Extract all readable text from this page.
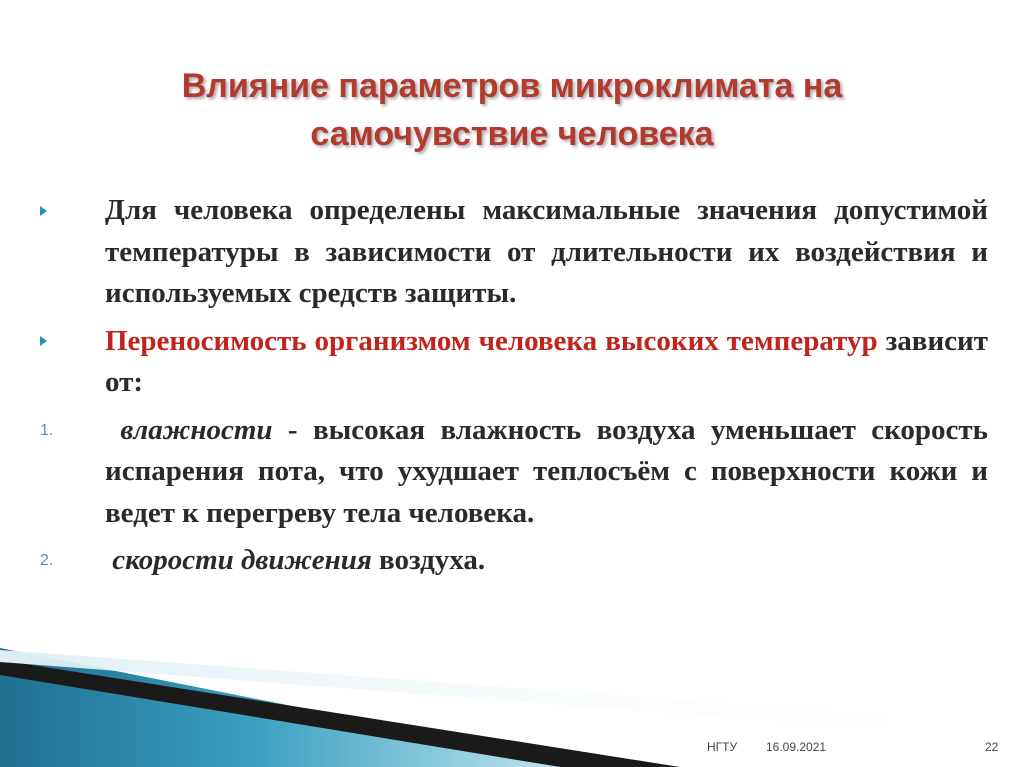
Влияние параметров микроклимата на
самочувствие человека
Для человека определены максимальные значения допустимой температуры в зависимости от длительности их воздействия и используемых средств защиты.
Переносимость организмом человека высоких температур зависит от:
1.	влажности - высокая влажность воздуха уменьшает скорость испарения пота, что ухудшает теплосъём с поверхности кожи и ведет к перегреву тела человека.
2.	скорости движения воздуха.
НГТУ 16.09.2021	22
